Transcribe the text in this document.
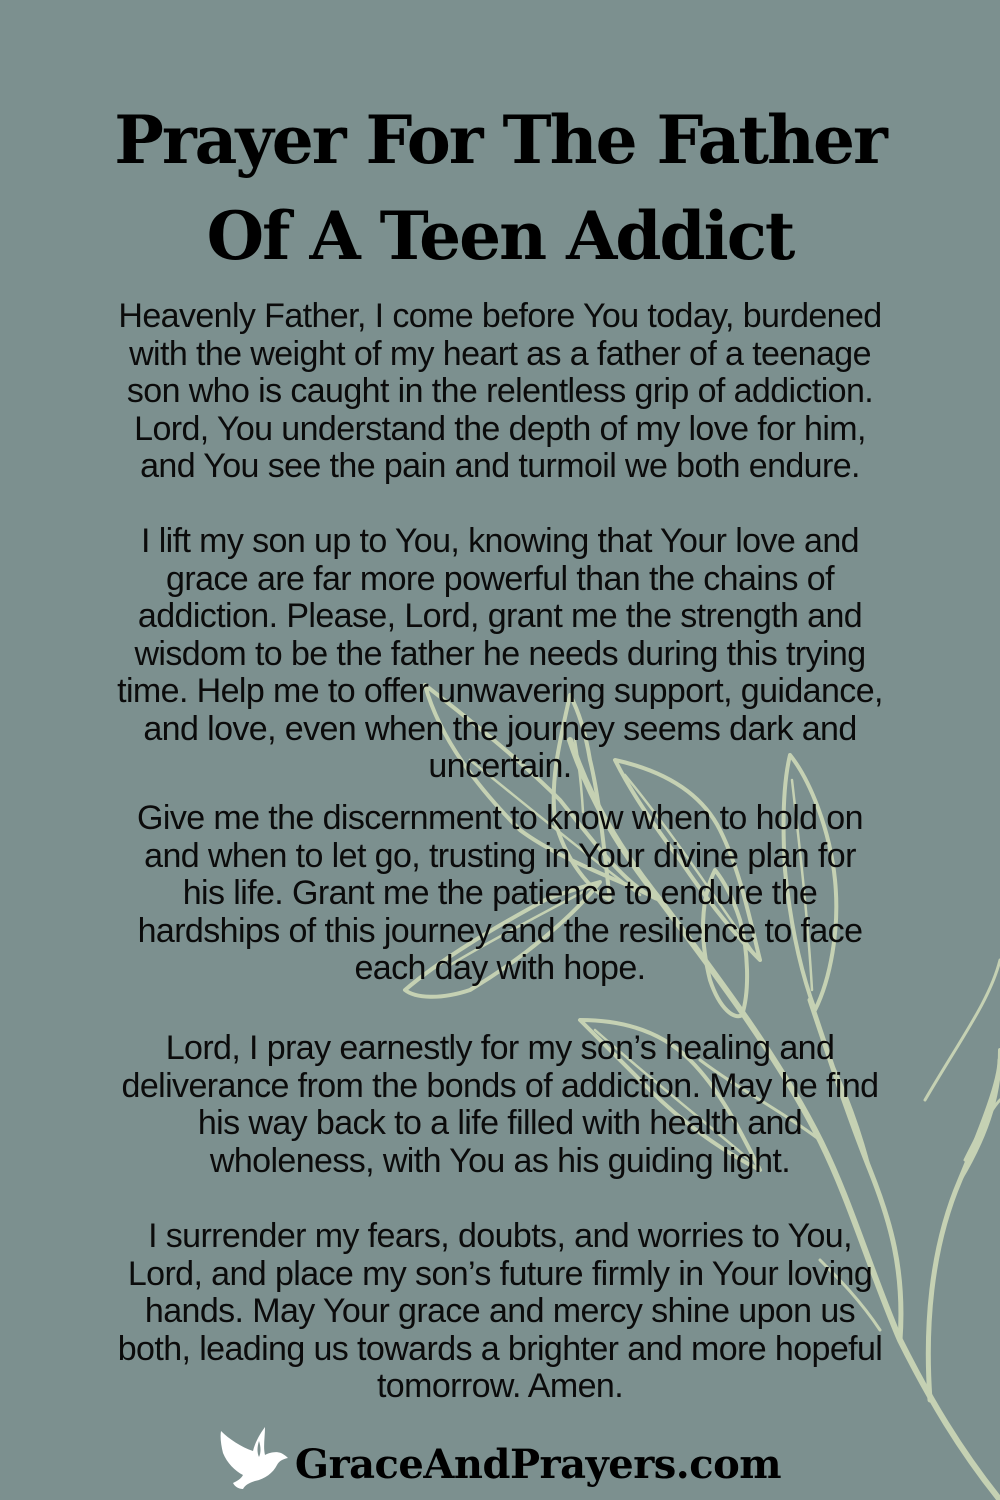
Prayer For The Father
Of A Teen Addict

Heavenly Father, I come before You today, burdened
with the weight of my heart as a father of a teenage
son who is caught in the relentless grip of addiction.
Lord, You understand the depth of my love for him,
and You see the pain and turmoil we both endure.

I lift my son up to You, knowing that Your love and
grace are far more powerful than the chains of
addiction. Please, Lord, grant me the strength and
wisdom to be the father he needs during this trying
time. Help me to offer unwavering support, guidance,
and love, even when the journey seems dark and
uncertain.

Give me the discernment to know when to hold on
and when to let go, trusting in Your divine plan for
his life. Grant me the patience to endure the
hardships of this journey and the resilience to face
each day with hope.

Lord, I pray earnestly for my son’s healing and
deliverance from the bonds of addiction. May he find
his way back to a life filled with health and
wholeness, with You as his guiding light.

I surrender my fears, doubts, and worries to You,
Lord, and place my son’s future firmly in Your loving
hands. May Your grace and mercy shine upon us
both, leading us towards a brighter and more hopeful
tomorrow. Amen.

GraceAndPrayers.com
